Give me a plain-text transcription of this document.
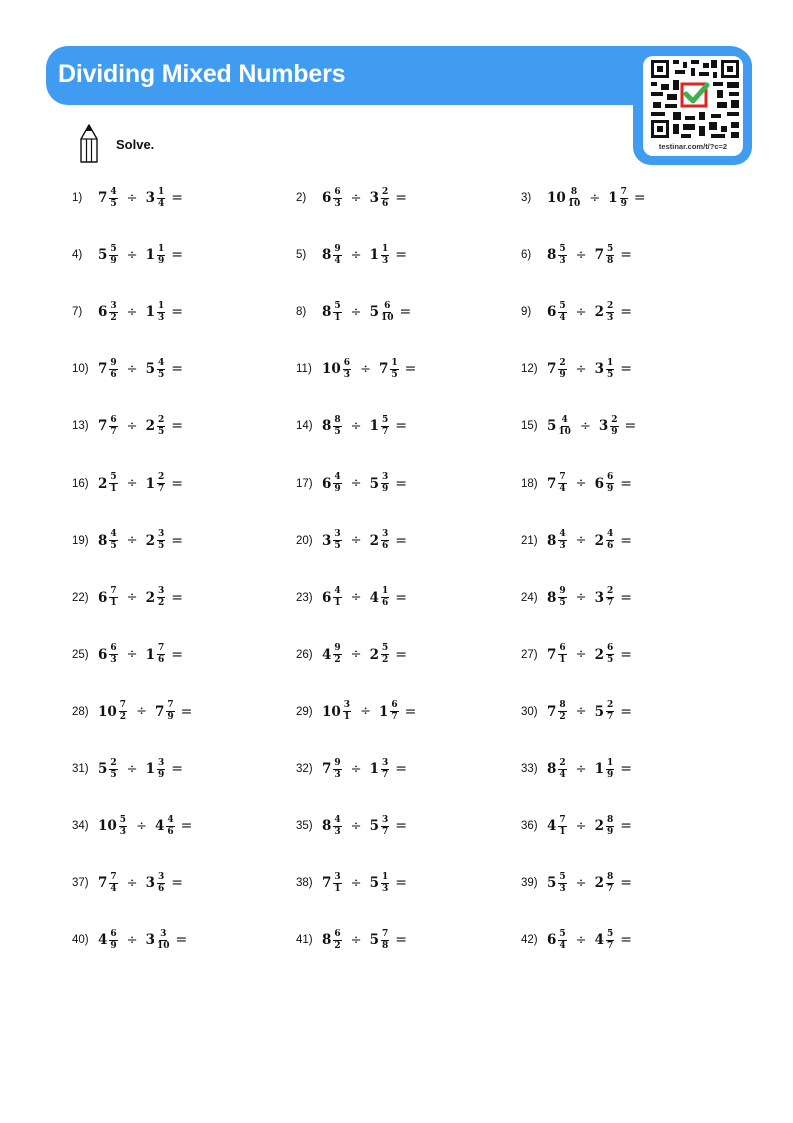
Dividing Mixed Numbers
testinar.com/t/?c=2
Solve.
1)	$7 \frac{4}{5} \div 3 \frac{1}{4}$ =	2)	$6 \frac{6}{3} \div 3 \frac{2}{6}$ =	3)	$10 \frac{8}{10} \div 1 \frac{7}{9}$ =
4)	$5 \frac{5}{9} \div 1 \frac{1}{9}$ =	5)	$8 \frac{9}{4} \div 1 \frac{1}{3}$ =	6)	$8 \frac{5}{3} \div 7 \frac{5}{8}$ =
7)	$6 \frac{3}{2} \div 1 \frac{1}{3}$ =	8)	$8 \frac{5}{1} \div 5 \frac{6}{10}$ =	9)	$6 \frac{5}{4} \div 2 \frac{2}{3}$ =
10) $7 \frac{9}{6} \div 5 \frac{4}{5}$ =	11) $10 \frac{6}{3} \div 7 \frac{1}{5}$ =	12) $7 \frac{2}{9} \div 3 \frac{1}{5}$ =
13) $7 \frac{6}{7} \div 2 \frac{2}{5}$ =	14) $8 \frac{8}{5} \div 1 \frac{5}{7}$ =	15) $5 \frac{4}{10} \div 3 \frac{2}{9}$ =
16) $2 \frac{5}{1} \div 1 \frac{2}{7}$ =	17) $6 \frac{4}{9} \div 5 \frac{3}{9}$ =	18) $7 \frac{7}{4} \div 6 \frac{6}{9}$ =
19) $8 \frac{4}{5} \div 2 \frac{3}{5}$ =	20) $3 \frac{3}{5} \div 2 \frac{3}{6}$ =	21) $8 \frac{4}{3} \div 2 \frac{4}{6}$ =
22) $6 \frac{7}{1} \div 2 \frac{3}{2}$ =	23) $6 \frac{4}{1} \div 4 \frac{1}{6}$ =	24) $8 \frac{9}{5} \div 3 \frac{2}{7}$ =
25) $6 \frac{6}{3} \div 1 \frac{7}{6}$ =	26) $4 \frac{9}{2} \div 2 \frac{5}{2}$ =	27) $7 \frac{6}{1} \div 2 \frac{6}{5}$ =
28) $10 \frac{7}{2} \div 7 \frac{7}{9}$ =	29) $10 \frac{3}{1} \div 1 \frac{6}{7}$ =	30) $7 \frac{8}{2} \div 5 \frac{2}{7}$ =
31) $5 \frac{2}{5} \div 1 \frac{3}{9}$ =	32) $7 \frac{9}{3} \div 1 \frac{3}{7}$ =	33) $8 \frac{2}{4} \div 1 \frac{1}{9}$ =
34) $10 \frac{5}{3} \div 4 \frac{4}{6}$ =	35) $8 \frac{4}{3} \div 5 \frac{3}{7}$ =	36) $4 \frac{7}{1} \div 2 \frac{8}{9}$ =
37) $7 \frac{7}{4} \div 3 \frac{3}{6}$ =	38) $7 \frac{3}{1} \div 5 \frac{1}{3}$ =	39) $5 \frac{5}{3} \div 2 \frac{8}{7}$ =
40) $4 \frac{6}{9} \div 3 \frac{3}{10}$ =	41) $8 \frac{6}{2} \div 5 \frac{7}{8}$ =	42) $6 \frac{5}{4} \div 4 \frac{5}{7}$ =
